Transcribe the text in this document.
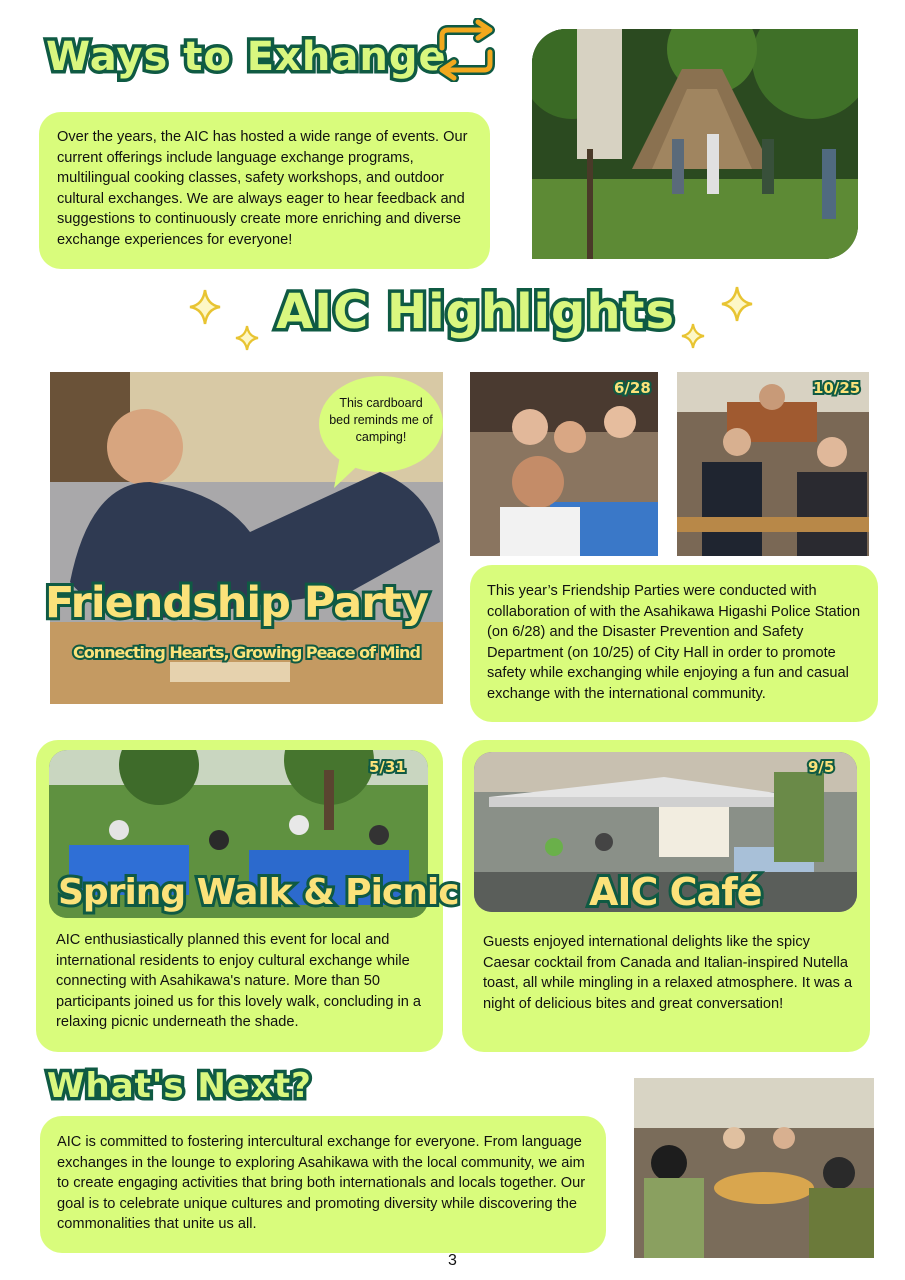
Ways to Exhange

Over the years, the AIC has hosted a wide range of events. Our current offerings include language exchange programs, multilingual cooking classes, safety workshops, and outdoor cultural exchanges. We are always eager to hear feedback and suggestions to continuously create more enriching and diverse exchange experiences for everyone!

AIC Highlights
This cardboard bed reminds me of camping!
Friendship Party
Connecting Hearts, Growing Peace of Mind
6/28	10/25

This year’s Friendship Parties were conducted with collaboration of with the Asahikawa Higashi Police Station (on 6/28) and the Disaster Prevention and Safety Department (on 10/25) of City Hall in order to promote safety while exchanging while enjoying a fun and casual exchange with the international community.

5/31
Spring Walk & Picnic

AIC enthusiastically planned this event for local and international residents to enjoy cultural exchange while connecting with Asahikawa's nature. More than 50 participants joined us for this lovely walk, concluding in a relaxing picnic underneath the shade.

9/5
AIC Café

Guests enjoyed international delights like the spicy Caesar cocktail from Canada and Italian-inspired Nutella toast, all while mingling in a relaxed atmosphere. It was a night of delicious bites and great conversation!

What's Next?

AIC is committed to fostering intercultural exchange for everyone. From language exchanges in the lounge to exploring Asahikawa with the local community, we aim to create engaging activities that bring both internationals and locals together. Our goal is to celebrate unique cultures and promoting diversity while discovering the commonalities that unite us all.

3
